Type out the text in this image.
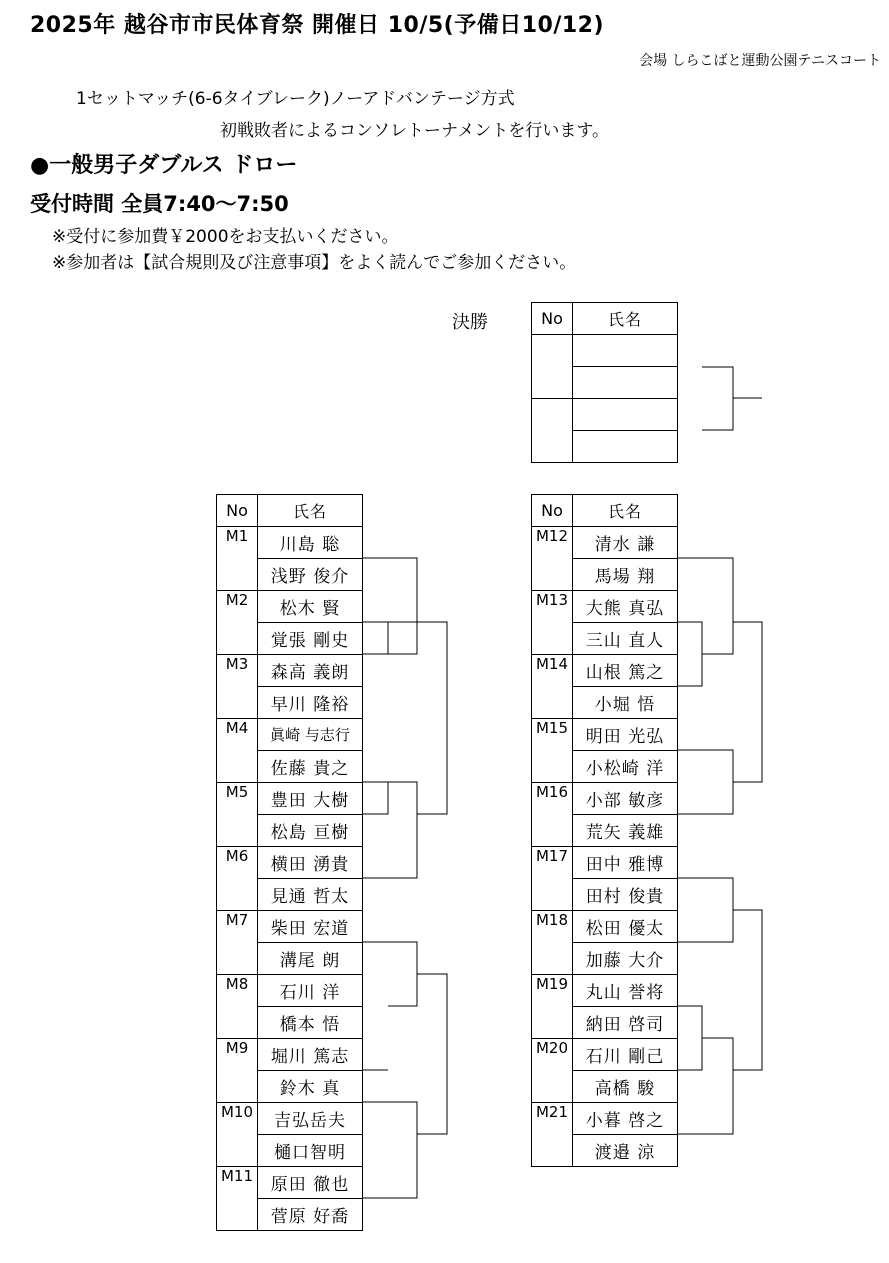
2025年 越谷市市民体育祭 開催日 10/5(予備日10/12)
会場 しらこばと運動公園テニスコート
1セットマッチ(6-6タイブレーク)ノーアドバンテージ方式
初戦敗者によるコンソレトーナメントを行います。
●一般男子ダブルス ドロー
受付時間 全員7:40～7:50
※受付に参加費￥2000をお支払いください。
※参加者は【試合規則及び注意事項】をよく読んでご参加ください。
決勝	No	氏名

No	氏名
M1	川島 聡
	浅野 俊介
M2	松木 賢
	覚張 剛史
M3	森高 義朗
	早川 隆裕
M4	眞崎 与志行
	佐藤 貴之
M5	豊田 大樹
	松島 亘樹
M6	横田 湧貴
	見通 哲太
M7	柴田 宏道
	溝尾 朗
M8	石川 洋
	橋本 悟
M9	堀川 篤志
	鈴木 真
M10	吉弘岳夫
	樋口智明
M11	原田 徹也
	菅原 好喬
No	氏名
M12	清水 謙
	馬場 翔
M13	大熊 真弘
	三山 直人
M14	山根 篤之
	小堀 悟
M15	明田 光弘
	小松崎 洋
M16	小部 敏彦
	荒矢 義雄
M17	田中 雅博
	田村 俊貴
M18	松田 優太
	加藤 大介
M19	丸山 誉将
	納田 啓司
M20	石川 剛己
	高橋 駿
M21	小暮 啓之
	渡邉 涼
